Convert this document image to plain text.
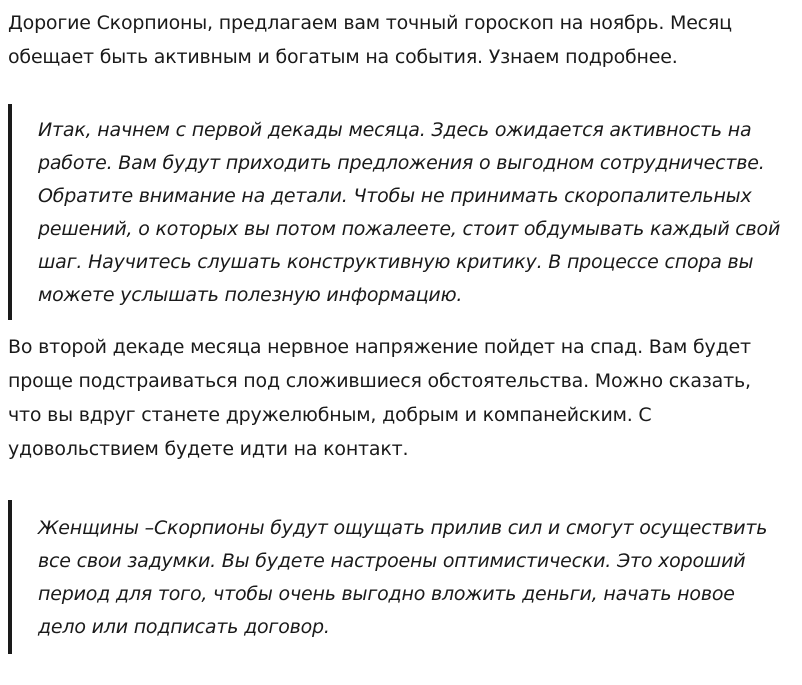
Дорогие Скорпионы, предлагаем вам точный гороскоп на ноябрь. Месяц обещает быть активным и богатым на события. Узнаем подробнее.

Итак, начнем с первой декады месяца. Здесь ожидается активность на работе. Вам будут приходить предложения о выгодном сотрудничестве. Обратите внимание на детали. Чтобы не принимать скоропалительных решений, о которых вы потом пожалеете, стоит обдумывать каждый свой шаг. Научитесь слушать конструктивную критику. В процессе спора вы можете услышать полезную информацию.

Во второй декаде месяца нервное напряжение пойдет на спад. Вам будет проще подстраиваться под сложившиеся обстоятельства. Можно сказать, что вы вдруг станете дружелюбным, добрым и компанейским. С удовольствием будете идти на контакт.

Женщины –Скорпионы будут ощущать прилив сил и смогут осуществить все свои задумки. Вы будете настроены оптимистически. Это хороший период для того, чтобы очень выгодно вложить деньги, начать новое дело или подписать договор.
